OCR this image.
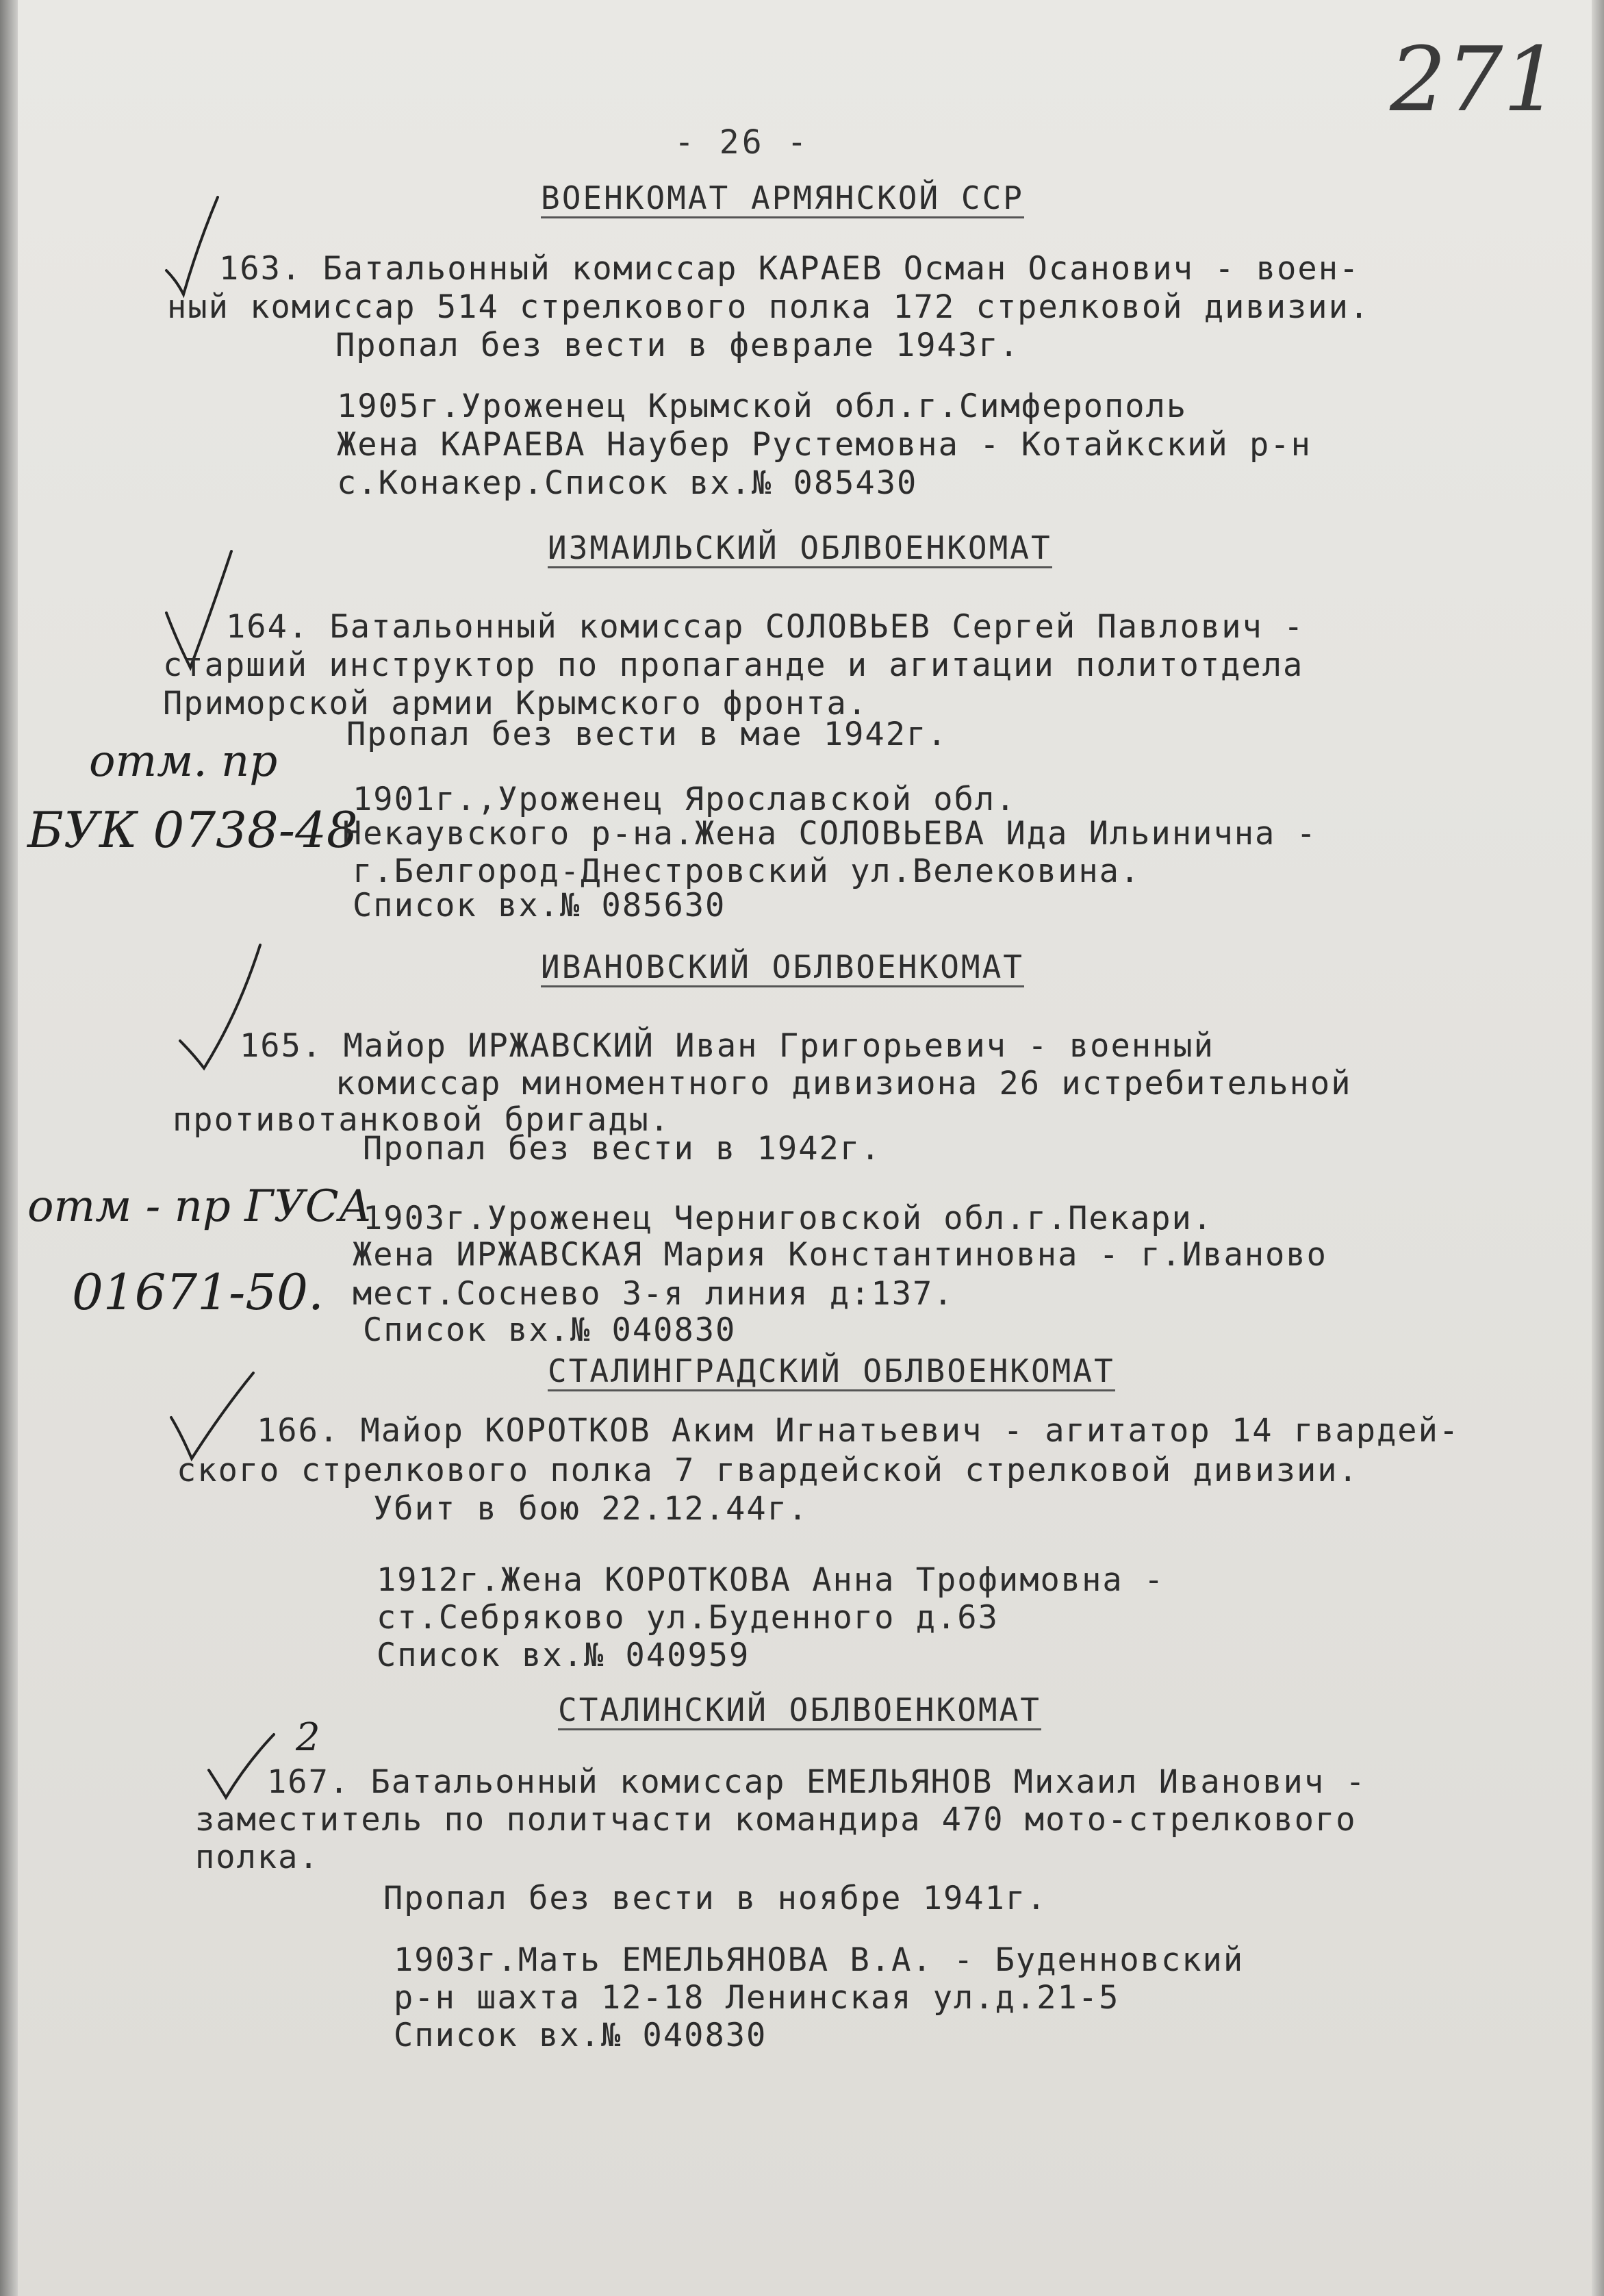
271
- 26 -
ВОЕНКОМАТ АРМЯНСКОЙ ССР
163. Батальонный комиссар КАРАЕВ Осман Осанович - воен-
ный комиссар 514 стрелкового полка 172 стрелковой дивизии.
Пропал без вести в феврале 1943г.
1905г.Уроженец Крымской обл.г.Симферополь
Жена КАРАЕВА Наубер Рустемовна - Котайкский р-н
с.Конакер.Список вх.№ 085430
ИЗМАИЛЬСКИЙ ОБЛВОЕНКОМАТ
164. Батальонный комиссар СОЛОВЬЕВ Сергей Павлович -
старший инструктор по пропаганде и агитации политотдела
Приморской армии Крымского фронта.
Пропал без вести в мае 1942г.
отм. пр
БУК 0738-48
1901г.,Уроженец Ярославской обл.
Некаувского р-на.Жена СОЛОВЬЕВА Ида Ильинична -
г.Белгород-Днестровский ул.Велековина.
Список вх.№ 085630
ИВАНОВСКИЙ ОБЛВОЕНКОМАТ
165. Майор ИРЖАВСКИЙ Иван Григорьевич - военный
комиссар миноментного дивизиона 26 истребительной
противотанковой бригады.
Пропал без вести в 1942г.
отм - пр ГУСА
01671-50.
1903г.Уроженец Черниговской обл.г.Пекари.
Жена ИРЖАВСКАЯ Мария Константиновна - г.Иваново
мест.Соснево 3-я линия д:137.
Список вх.№ 040830
СТАЛИНГРАДСКИЙ ОБЛВОЕНКОМАТ
166. Майор КОРОТКОВ Аким Игнатьевич - агитатор 14 гвардей-
ского стрелкового полка 7 гвардейской стрелковой дивизии.
Убит в бою 22.12.44г.
1912г.Жена КОРОТКОВА Анна Трофимовна -
ст.Себряково ул.Буденного д.63
Список вх.№ 040959
СТАЛИНСКИЙ ОБЛВОЕНКОМАТ
2
167. Батальонный комиссар ЕМЕЛЬЯНОВ Михаил Иванович -
заместитель по политчасти командира 470 мото-стрелкового
полка.
Пропал без вести в ноябре 1941г.
1903г.Мать ЕМЕЛЬЯНОВА В.А. - Буденновский
р-н шахта 12-18 Ленинская ул.д.21-5
Список вх.№ 040830
